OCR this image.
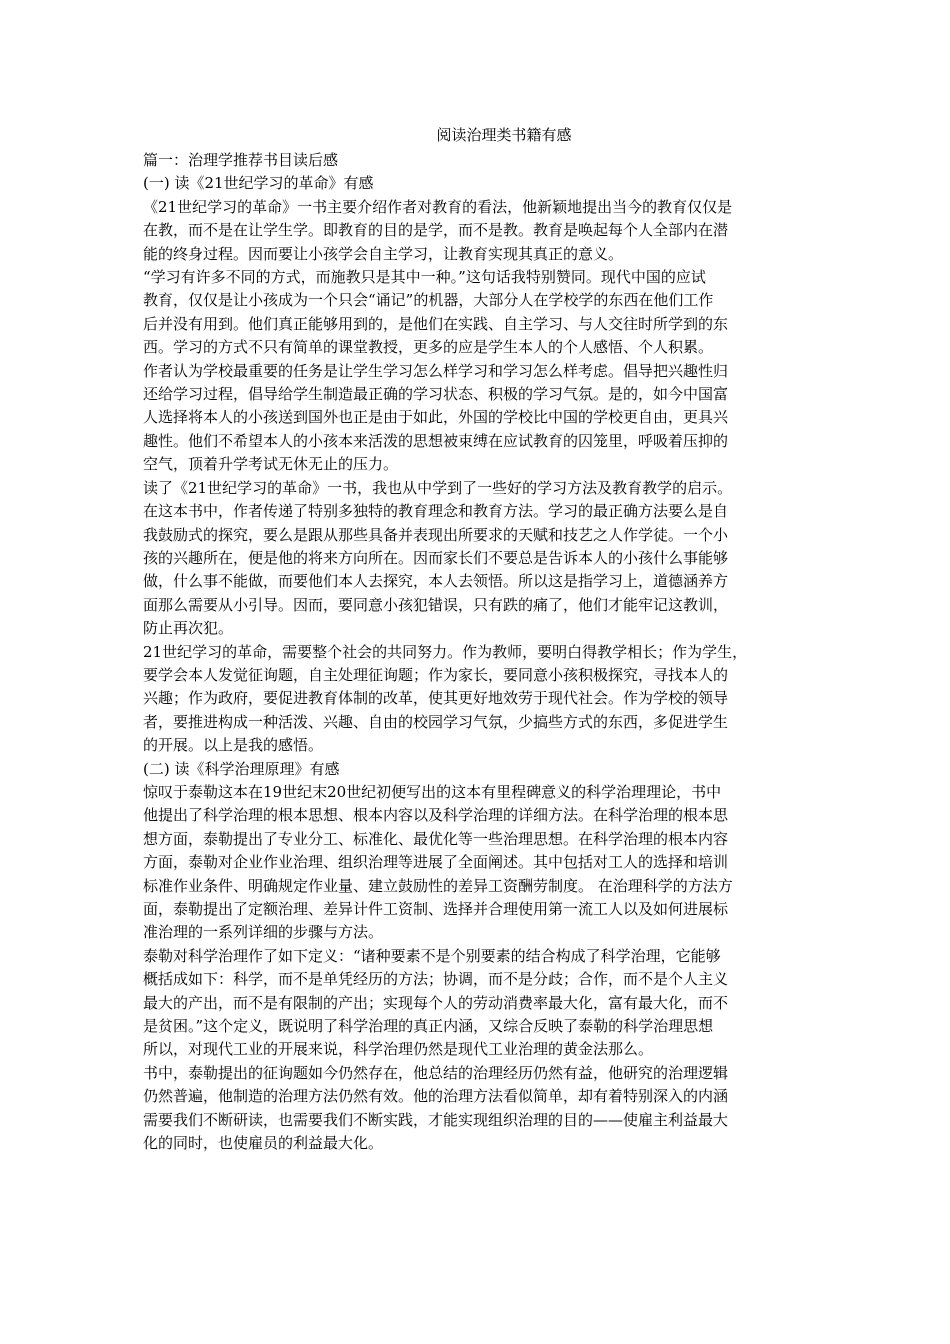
阅读治理类书籍有感
篇一：治理学推荐书目读后感
(一) 读《21世纪学习的革命》有感
《21世纪学习的革命》一书主要介绍作者对教育的看法，他新颖地提出当今的教育仅仅是
在教，而不是在让学生学。即教育的目的是学，而不是教。教育是唤起每个人全部内在潜
能的终身过程。因而要让小孩学会自主学习，让教育实现其真正的意义。
“学习有许多不同的方式，而施教只是其中一种。”这句话我特别赞同。现代中国的应试
教育，仅仅是让小孩成为一个只会“诵记”的机器，大部分人在学校学的东西在他们工作
后并没有用到。他们真正能够用到的，是他们在实践、自主学习、与人交往时所学到的东
西。学习的方式不只有简单的课堂教授，更多的应是学生本人的个人感悟、个人积累。
作者认为学校最重要的任务是让学生学习怎么样学习和学习怎么样考虑。倡导把兴趣性归
还给学习过程，倡导给学生制造最正确的学习状态、积极的学习气氛。是的，如今中国富
人选择将本人的小孩送到国外也正是由于如此，外国的学校比中国的学校更自由，更具兴
趣性。他们不希望本人的小孩本来活泼的思想被束缚在应试教育的囚笼里，呼吸着压抑的
空气，顶着升学考试无休无止的压力。
读了《21世纪学习的革命》一书，我也从中学到了一些好的学习方法及教育教学的启示。
在这本书中，作者传递了特别多独特的教育理念和教育方法。学习的最正确方法要么是自
我鼓励式的探究，要么是跟从那些具备并表现出所要求的天赋和技艺之人作学徒。一个小
孩的兴趣所在，便是他的将来方向所在。因而家长们不要总是告诉本人的小孩什么事能够
做，什么事不能做，而要他们本人去探究，本人去领悟。所以这是指学习上，道德涵养方
面那么需要从小引导。因而，要同意小孩犯错误，只有跌的痛了，他们才能牢记这教训，
防止再次犯。
21世纪学习的革命，需要整个社会的共同努力。作为教师，要明白得教学相长；作为学生，
要学会本人发觉征询题，自主处理征询题；作为家长，要同意小孩积极探究，寻找本人的
兴趣；作为政府，要促进教育体制的改革，使其更好地效劳于现代社会。作为学校的领导
者，要推进构成一种活泼、兴趣、自由的校园学习气氛，少搞些方式的东西，多促进学生
的开展。以上是我的感悟。
(二) 读《科学治理原理》有感
惊叹于泰勒这本在19世纪末20世纪初便写出的这本有里程碑意义的科学治理理论，书中
他提出了科学治理的根本思想、根本内容以及科学治理的详细方法。在科学治理的根本思
想方面，泰勒提出了专业分工、标准化、最优化等一些治理思想。在科学治理的根本内容
方面，泰勒对企业作业治理、组织治理等进展了全面阐述。其中包括对工人的选择和培训
标准作业条件、明确规定作业量、建立鼓励性的差异工资酬劳制度。 在治理科学的方法方
面，泰勒提出了定额治理、差异计件工资制、选择并合理使用第一流工人以及如何进展标
准治理的一系列详细的步骤与方法。
泰勒对科学治理作了如下定义：“诸种要素不是个别要素的结合构成了科学治理，它能够
概括成如下：科学，而不是单凭经历的方法；协调，而不是分歧；合作，而不是个人主义
最大的产出，而不是有限制的产出；实现每个人的劳动消费率最大化，富有最大化，而不
是贫困。”这个定义，既说明了科学治理的真正内涵，又综合反映了泰勒的科学治理思想
所以，对现代工业的开展来说，科学治理仍然是现代工业治理的黄金法那么。
书中，泰勒提出的征询题如今仍然存在，他总结的治理经历仍然有益，他研究的治理逻辑
仍然普遍，他制造的治理方法仍然有效。他的治理方法看似简单，却有着特别深入的内涵
需要我们不断研读，也需要我们不断实践，才能实现组织治理的目的——使雇主利益最大
化的同时，也使雇员的利益最大化。
